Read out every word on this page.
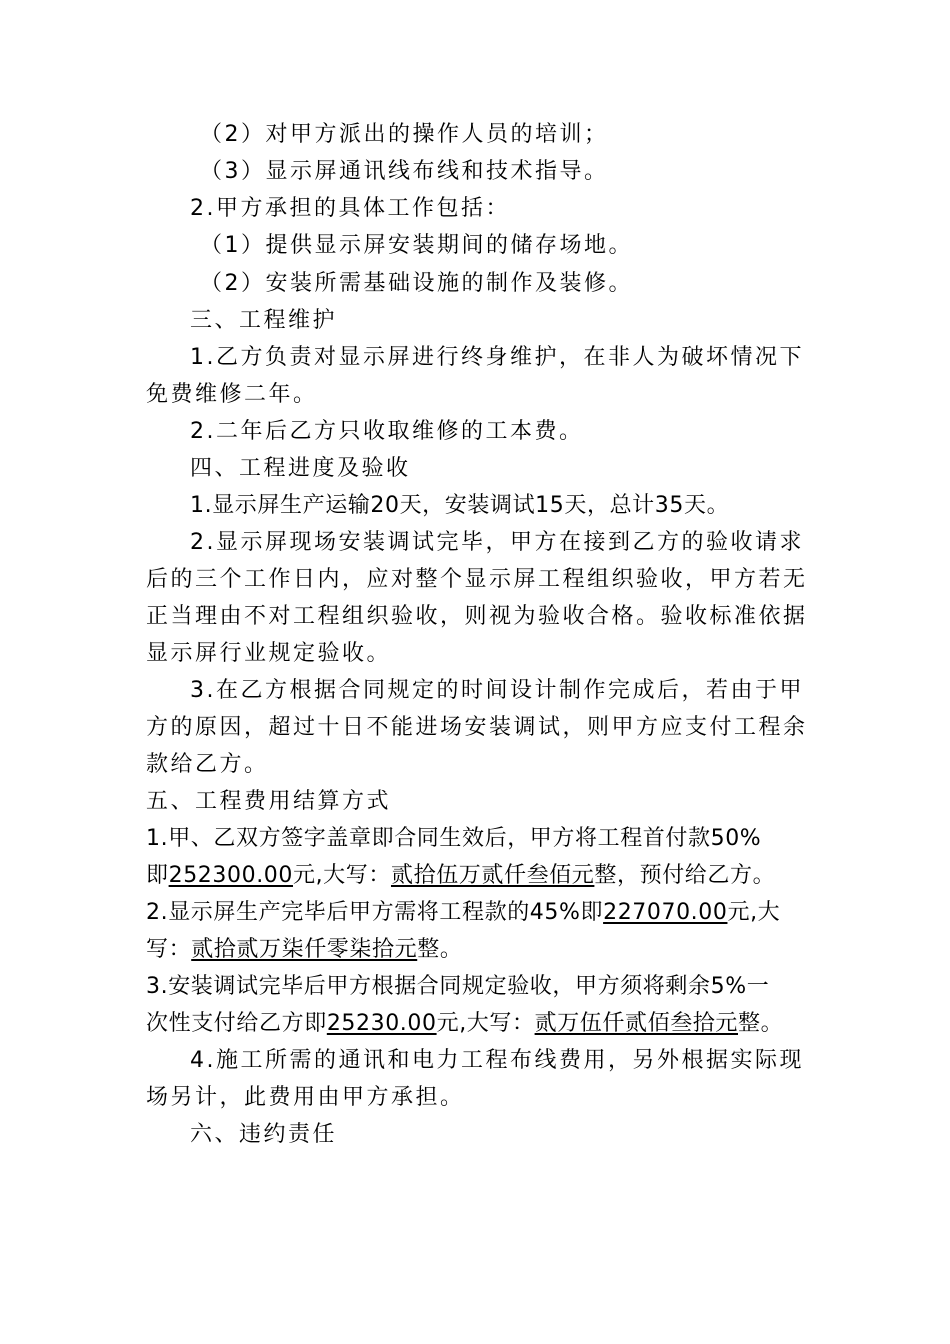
（2）对甲方派出的操作人员的培训；
（3）显示屏通讯线布线和技术指导。
2.甲方承担的具体工作包括：
（1）提供显示屏安装期间的储存场地。
（2）安装所需基础设施的制作及装修。
三、工程维护
1.乙方负责对显示屏进行终身维护，在非人为破坏情况下
免费维修二年。
2.二年后乙方只收取维修的工本费。
四、工程进度及验收
1.显示屏生产运输20天，安装调试15天，总计35天。
2.显示屏现场安装调试完毕，甲方在接到乙方的验收请求
后的三个工作日内，应对整个显示屏工程组织验收，甲方若无
正当理由不对工程组织验收，则视为验收合格。验收标准依据
显示屏行业规定验收。
3.在乙方根据合同规定的时间设计制作完成后，若由于甲
方的原因，超过十日不能进场安装调试，则甲方应支付工程余
款给乙方。
五、工程费用结算方式
1.甲、乙双方签字盖章即合同生效后，甲方将工程首付款50%
即252300.00元,大写：贰拾伍万贰仟叁佰元整，预付给乙方。
2.显示屏生产完毕后甲方需将工程款的45%即227070.00元,大
写：贰拾贰万柒仟零柒拾元整。
3.安装调试完毕后甲方根据合同规定验收，甲方须将剩余5%一
次性支付给乙方即25230.00元,大写：贰万伍仟贰佰叁拾元整。
4.施工所需的通讯和电力工程布线费用，另外根据实际现
场另计，此费用由甲方承担。
六、违约责任
